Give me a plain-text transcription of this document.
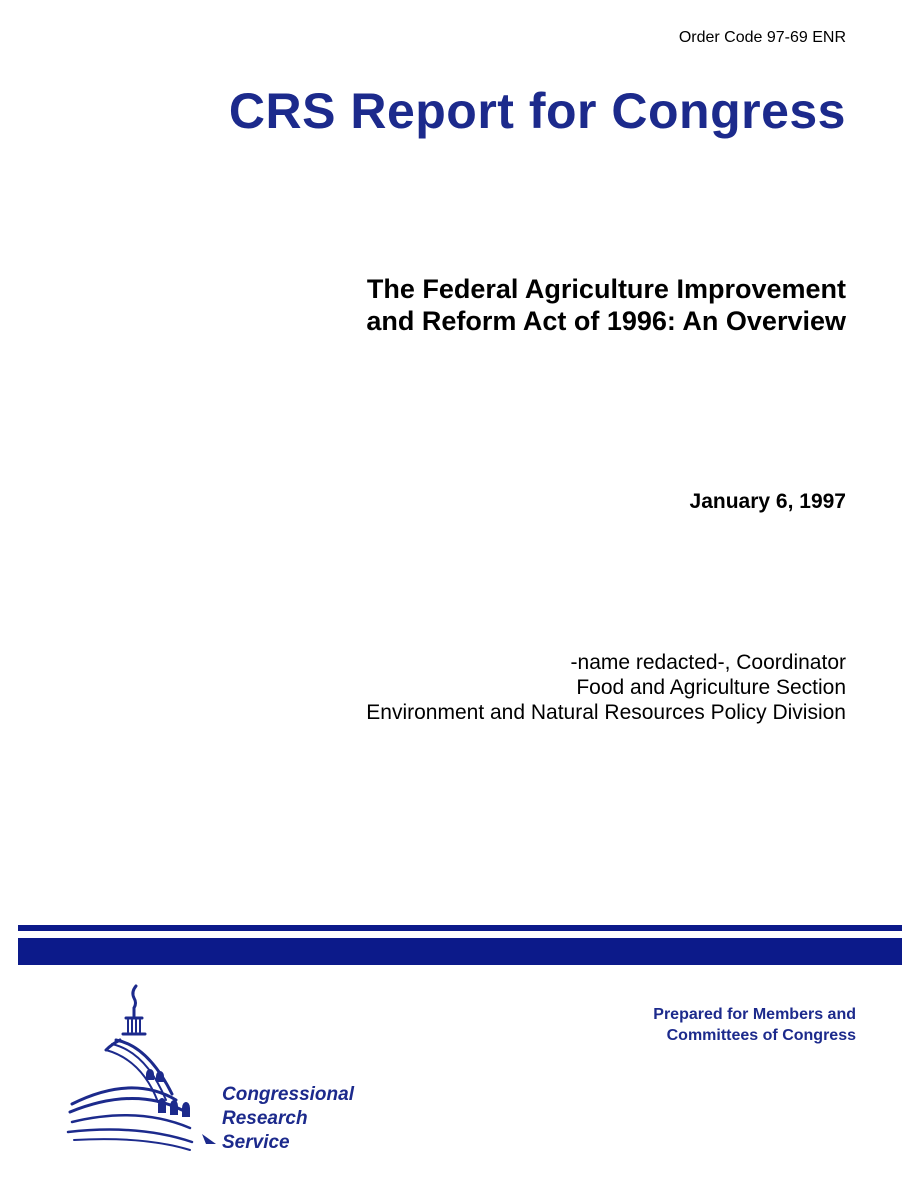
Order Code 97-69 ENR
CRS Report for Congress
The Federal Agriculture Improvement
and Reform Act of 1996: An Overview
January 6, 1997
-name redacted-, Coordinator
Food and Agriculture Section
Environment and Natural Resources Policy Division
Prepared for Members and
Committees of Congress
Congressional
Research
Service
